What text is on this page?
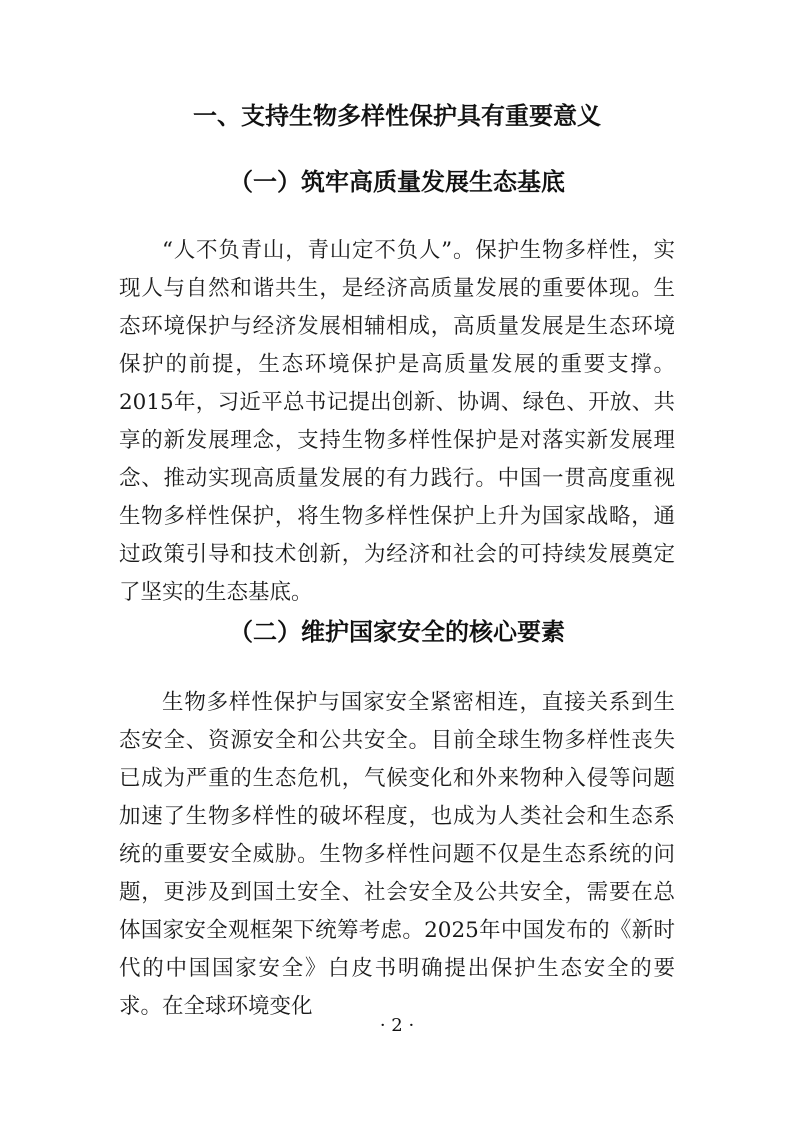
一、支持生物多样性保护具有重要意义
（一）筑牢高质量发展生态基底

“人不负青山，青山定不负人”。保护生物多样性，实现人与自然和谐共生，是经济高质量发展的重要体现。生态环境保护与经济发展相辅相成，高质量发展是生态环境保护的前提，生态环境保护是高质量发展的重要支撑。2015年，习近平总书记提出创新、协调、绿色、开放、共享的新发展理念，支持生物多样性保护是对落实新发展理念、推动实现高质量发展的有力践行。中国一贯高度重视生物多样性保护，将生物多样性保护上升为国家战略，通过政策引导和技术创新，为经济和社会的可持续发展奠定了坚实的生态基底。

（二）维护国家安全的核心要素

生物多样性保护与国家安全紧密相连，直接关系到生态安全、资源安全和公共安全。目前全球生物多样性丧失已成为严重的生态危机，气候变化和外来物种入侵等问题加速了生物多样性的破坏程度，也成为人类社会和生态系统的重要安全威胁。生物多样性问题不仅是生态系统的问题，更涉及到国土安全、社会安全及公共安全，需要在总体国家安全观框架下统筹考虑。2025年中国发布的《新时代的中国国家安全》白皮书明确提出保护生态安全的要求。在全球环境变化

· 2 ·
